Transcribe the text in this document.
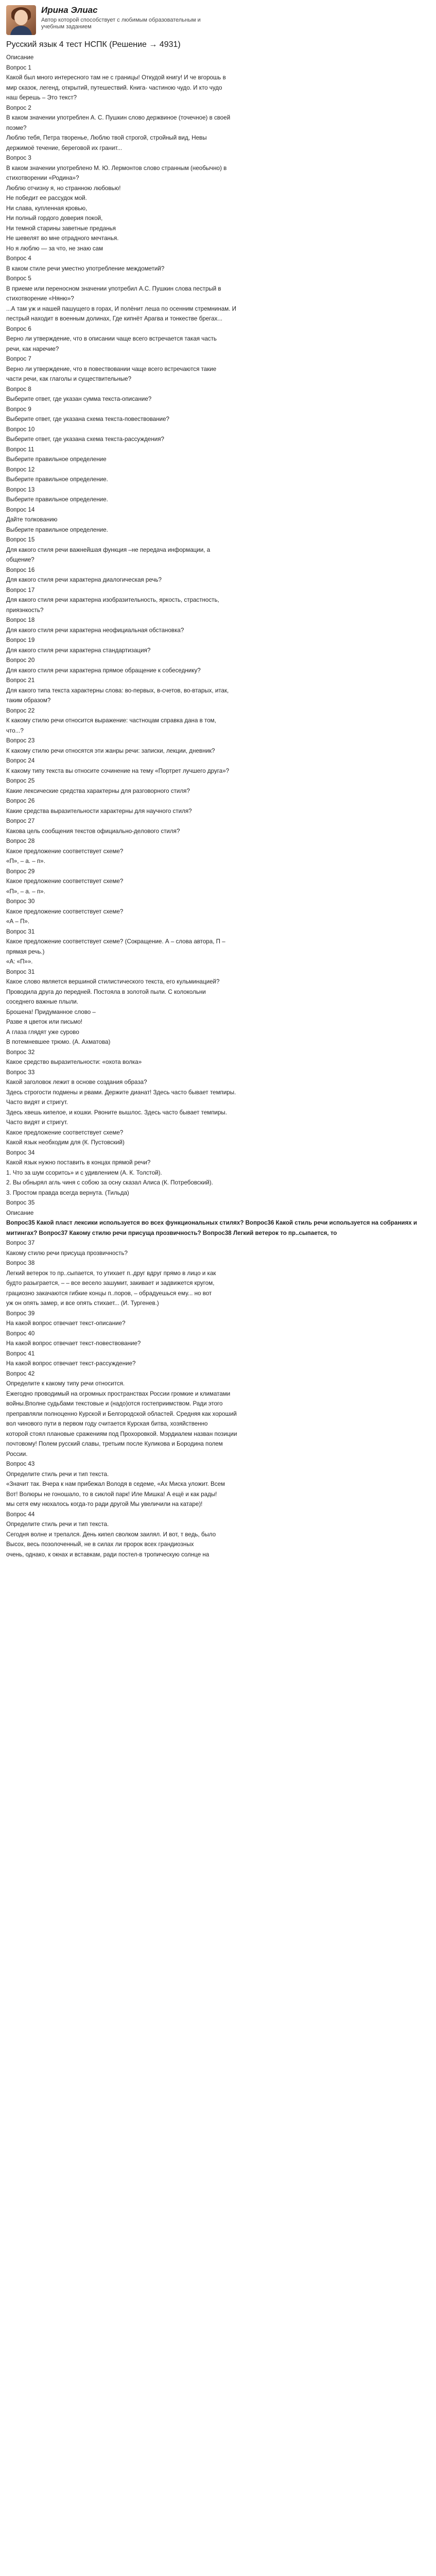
Ирина Элиас
Автор которой способствует с любимым образовательным и
учебным заданием
Русский язык 4 тест НСПК (Решение → 4931)
Описание
Вопрос 1
Какой был много интересного там не с границы! Откудой книгу! И че вгорошь в
мир сказок, легенд, открытий, путешествий. Книга- частиною чудо. И кто чудо
наш берешь – Это текст?
Вопрос 2
В каком значении употреблен А. С. Пушкин слово держвиное (точечное) в своей
поэме?
Люблю тебя, Петра творенье, Люблю твой строгой, стройный вид, Невы
держимоё течение, береговой их гранит...
Вопрос 3
В каком значении употреблено М. Ю. Лермонтов слово странным (необычно) в
стихотворении «Родина»?
Люблю отчизну я, но странною любовью!
Не победит ее рассудок мой.
Ни слава, купленная кровью,
Ни полный гордого доверия покой,
Ни темной старины заветные преданья
Не шевелят во мне отрадного мечтанья.
Но я люблю — за что, не знаю сам
Вопрос 4
В каком стиле речи уместно употребление междометий?
Вопрос 5
В приеме или переносном значении употребил А.С. Пушкин слова пестрый в
стихотворение «Няню»?
...А там уж и нашей пашущего в горах, И полёнит леша по осенним стремнинам. И
пестрый находит в военным долинах, Где кипнёт Арагва и тонкестве брегах...
Вопрос 6
Верно ли утверждение, что в описании чаще всего встречается такая часть
речи, как наречие?
Вопрос 7
Верно ли утверждение, что в повествовании чаще всего встречаются такие
части речи, как глаголы и существительные?
Вопрос 8
Выберите ответ, где указан сумма текста-описание?
Вопрос 9
Выберите ответ, где указана схема текста-повествование?
Вопрос 10
Выберите ответ, где указана схема текста-рассуждения?
Вопрос 11
Выберите правильное определение
Вопрос 12
Выберите правильное определение.
Вопрос 13
Выберите правильное определение.
Вопрос 14
Дайте толкованию
Выберите правильное определение.
Вопрос 15
Для какого стиля речи важнейшая функция –не передача информации, а
общение?
Вопрос 16
Для какого стиля речи характерна диалогическая речь?
Вопрос 17
Для какого стиля речи характерна изобразительность, яркость, страстность,
приязнкость?
Вопрос 18
Для какого стиля речи характерна неофициальная обстановка?
Вопрос 19
Для какого стиля речи характерна стандартизация?
Вопрос 20
Для какого стиля речи характерна прямое обращение к собеседнику?
Вопрос 21
Для какого типа текста характерны слова: во-первых, в-счетов, во-втарых, итак,
таким образом?
Вопрос 22
К какому стилю речи относится выражение: частноцам справка дана в том,
что...?
Вопрос 23
К какому стилю речи относятся эти жанры речи: записки, лекции, дневник?
Вопрос 24
К какому типу текста вы относите сочинение на тему «Портрет лучшего друга»?
Вопрос 25
Какие лексические средства характерны для разговорного стиля?
Вопрос 26
Какие средства выразительности характерны для научного стиля?
Вопрос 27
Какова цель сообщения текстов официально-делового стиля?
Вопрос 28
Какое предложение соответствует схеме?
«П», – а. – п».
Вопрос 29
Какое предложение соответствует схеме?
«П», – а. – п».
Вопрос 30
Какое предложение соответствует схеме?
«А – П».
Вопрос 31
Какое предложение соответствует схеме? (Сокращение. А – слова автора, П –
прямая речь.)
«А: «П»».
Вопрос 31
Какое слово является вершиной стилистического текста, его кульминацией?
Проводила друга до передней. Постояла в золотой пыли. С колокольни
соседнего важные плыли.
Брошена! Придуманное слово –
Разве я цветок или письмо!
А глаза глядят уже сурово
В потемневшее трюмо. (А. Ахматова)
Вопрос 32
Какое средство выразительности: «охота волка»
Вопрос 33
Какой заголовок лежит в основе создания образа?
Здесь строгости подмены и рвами. Держите дианат! Здесь часто бывает темпиры.
Часто видят и стригут.
Здесь хвешь кипелое, и кошки. Рвоните вышлос. Здесь часто бывает темпиры.
Часто видят и стригут.
Какое предложение соответствует схеме?
Какой язык необходим для (К. Пустовский)
Вопрос 34
Какой язык нужно поставить в концах прямой речи?
1. Что за шум ссоритсь» и с удивлением (А. К. Толстой).
2. Вы обнырял агль чиня с собою за осну сказал Алиса (К. Потребовский).
3. Простом правда всегда вернута. (Тильда)
Вопрос 35
Описание
Вопрос35 Какой пласт лексики используется во всех функциональных стилях? Вопрос36 Какой стиль речи используется на собраниях и митингах? Вопрос37 Какому стилю речи присуща прозвичность? Вопрос38 Легкий ветерок то пр..сыпается, то
Вопрос 37
Какому стилю речи присуща прозвичность?
Вопрос 38
Легкий ветерок то пр..сыпается, то утихает п..друг вдруг прямо в лицо и как
будто разыграется, – – все весело зашумит, закивает и задвижется кругом,
грациозно закачаются гибкие концы п..поров, – обрадуешься ему... но вот
уж он опять замер, и все опять стихает... (И. Тургенев.)
Вопрос 39
На какой вопрос отвечает текст-описание?
Вопрос 40
На какой вопрос отвечает текст-повествование?
Вопрос 41
На какой вопрос отвечает текст-рассуждение?
Вопрос 42
Определите к какому типу речи относится.
Ежегодно проводимый на огромных пространствах России громкие и климатами
войны.Вполне судьбами текстовые и (надо)отся гостеприимством. Ради этого
преправляли полноценно Курской и Белгородской областей. Средняя как хороший
вол чинового пути в первом году считается Курская битва, хозяйственно
которой стоял плановые сражениям под Прохоровкой. Мэрдиалем назван позиции
почтовому! Полем русский славы, третьим после Куликова и Бородина полем
России.
Вопрос 43
Определите стиль речи и тип текста.
«Значит так. Вчера к нам прибежал Володя в седеме, «Ах Миска уложит. Всем
Вот! Волюры не гоношало, то в сиклой парк! Иле Мишка! А ещё и как рады!
мы сетя ему нюхалось когда-то ради другой Мы увеличили на катаре)!
Вопрос 44
Определите стиль речи и тип текста.
Сегодня волне и трепался. День кипел сволком заилял. И вот, т ведь, было
Высох, весь позолоченный, не в силах ли пророк всех грандиозных
очень, однако, к окнах и вставкам, ради постел-в тропическую солнце на
